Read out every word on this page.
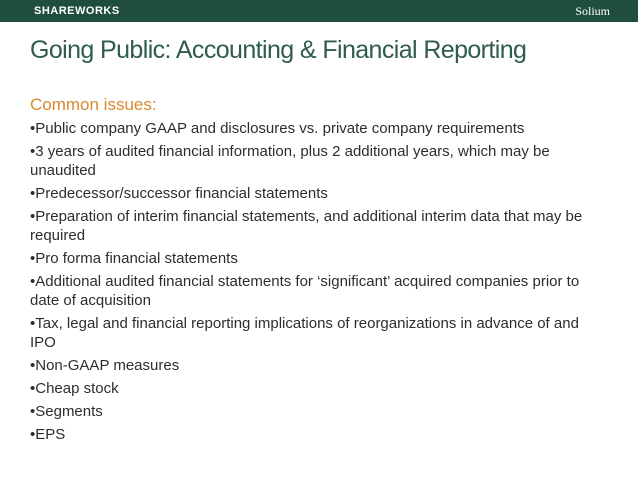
SHAREWORKS	Solium
Going Public: Accounting & Financial Reporting
Common issues:
•Public company GAAP and disclosures vs. private company requirements
•3 years of audited financial information, plus 2 additional years, which may be unaudited
•Predecessor/successor financial statements
•Preparation of interim financial statements, and additional interim data that may be required
•Pro forma financial statements
•Additional audited financial statements for ‘significant’ acquired companies prior to date of acquisition
•Tax, legal and financial reporting implications of reorganizations in advance of and IPO
•Non-GAAP measures
•Cheap stock
•Segments
•EPS
